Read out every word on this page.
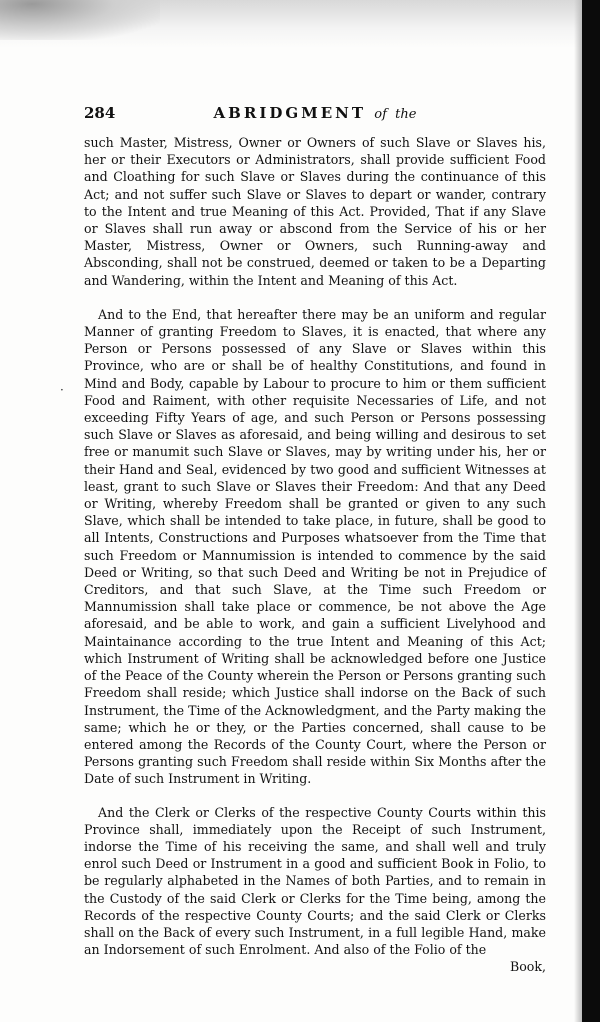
·
284	ABRIDGMENT of the

such Master, Mistress, Owner or Owners of such Slave or Slaves his, her or their Executors or Administrators, shall provide sufficient Food and Cloathing for such Slave or Slaves during the continuance of this Act; and not suffer such Slave or Slaves to depart or wander, contrary to the Intent and true Meaning of this Act. Provided, That if any Slave or Slaves shall run away or abscond from the Service of his or her Master, Mistress, Owner or Owners, such Running-away and Absconding, shall not be construed, deemed or taken to be a Departing and Wandering, within the Intent and Meaning of this Act.

And to the End, that hereafter there may be an uniform and regular Manner of granting Freedom to Slaves, it is enacted, that where any Person or Persons possessed of any Slave or Slaves within this Province, who are or shall be of healthy Constitutions, and found in Mind and Body, capable by Labour to procure to him or them sufficient Food and Raiment, with other requisite Necessaries of Life, and not exceeding Fifty Years of age, and such Person or Persons possessing such Slave or Slaves as aforesaid, and being willing and desirous to set free or manumit such Slave or Slaves, may by writing under his, her or their Hand and Seal, evidenced by two good and sufficient Witnesses at least, grant to such Slave or Slaves their Freedom: And that any Deed or Writing, whereby Freedom shall be granted or given to any such Slave, which shall be intended to take place, in future, shall be good to all Intents, Constructions and Purposes whatsoever from the Time that such Freedom or Mannumission is intended to commence by the said Deed or Writing, so that such Deed and Writing be not in Prejudice of Creditors, and that such Slave, at the Time such Freedom or Mannumission shall take place or commence, be not above the Age aforesaid, and be able to work, and gain a sufficient Livelyhood and Maintainance according to the true Intent and Meaning of this Act; which Instrument of Writing shall be acknowledged before one Justice of the Peace of the County wherein the Person or Persons granting such Freedom shall reside; which Justice shall indorse on the Back of such Instrument, the Time of the Acknowledgment, and the Party making the same; which he or they, or the Parties concerned, shall cause to be entered among the Records of the County Court, where the Person or Persons granting such Freedom shall reside within Six Months after the Date of such Instrument in Writing.

And the Clerk or Clerks of the respective County Courts within this Province shall, immediately upon the Receipt of such Instrument, indorse the Time of his receiving the same, and shall well and truly enrol such Deed or Instrument in a good and sufficient Book in Folio, to be regularly alphabeted in the Names of both Parties, and to remain in the Custody of the said Clerk or Clerks for the Time being, among the Records of the respective County Courts; and the said Clerk or Clerks shall on the Back of every such Instrument, in a full legible Hand, make an Indorsement of such Enrolment. And also of the Folio of the

Book,
